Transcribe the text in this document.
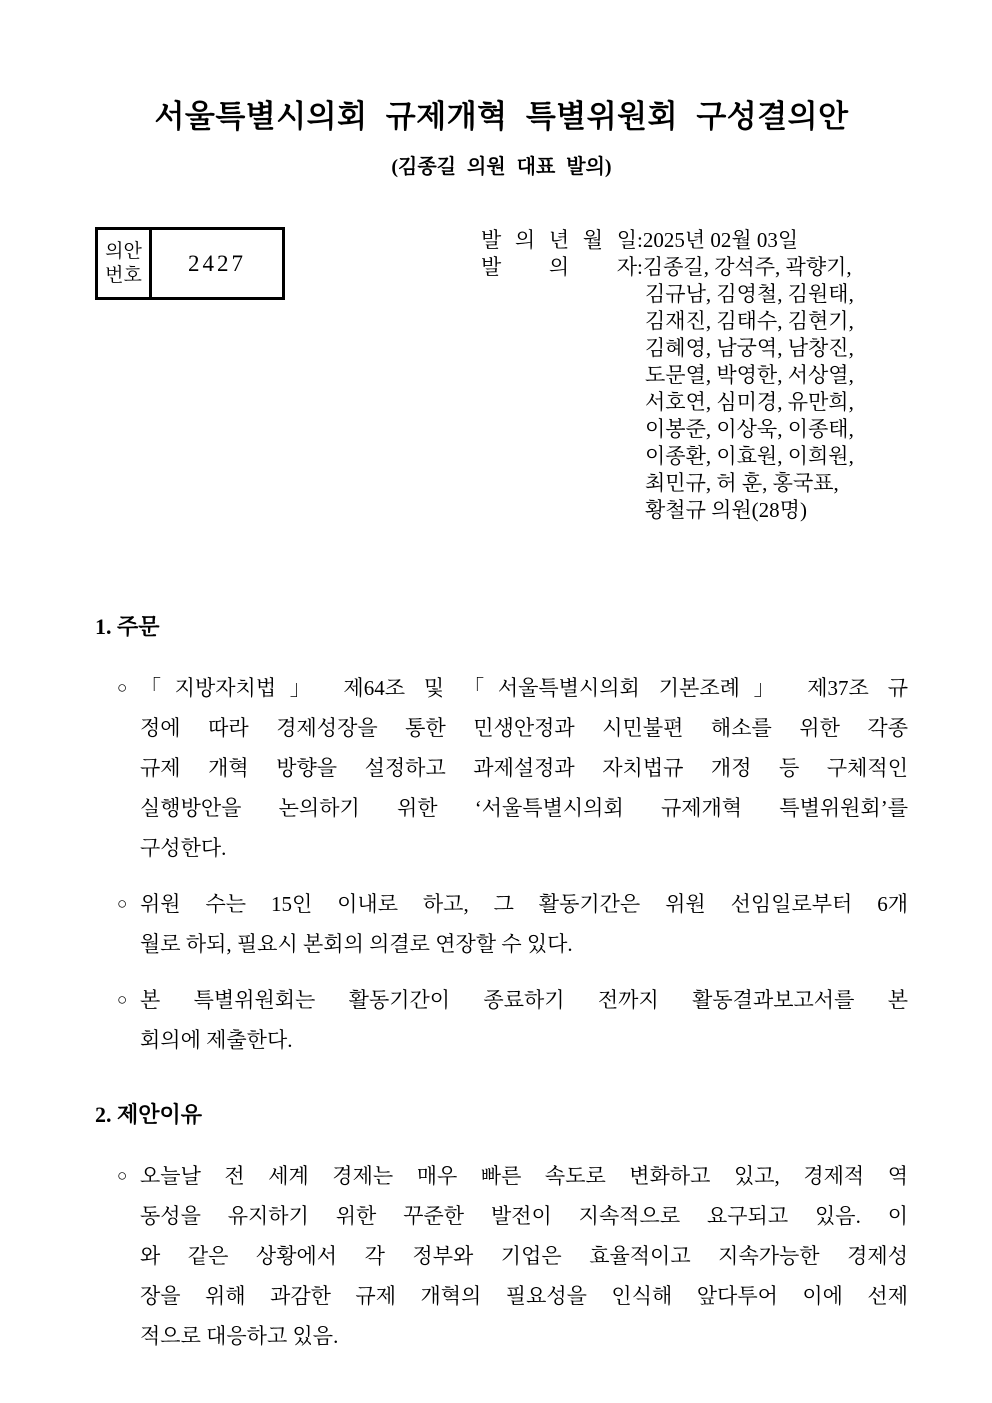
서울특별시의회 규제개혁 특별위원회 구성결의안
(김종길 의원 대표 발의)
의안
번호	2427
발 의 년 월 일 :2025년 02월 03일
발 의 자 :김종길, 강석주, 곽향기,
김규남, 김영철, 김원태,
김재진, 김태수, 김현기,
김혜영, 남궁역, 남창진,
도문열, 박영한, 서상열,
서호연, 심미경, 유만희,
이봉준, 이상욱, 이종태,
이종환, 이효원, 이희원,
최민규, 허 훈, 홍국표,
황철규 의원(28명)
1. 주문
○ 「지방자치법」 제64조 및 「서울특별시의회 기본조례」 제37조 규
정에 따라 경제성장을 통한 민생안정과 시민불편 해소를 위한 각종
규제 개혁 방향을 설정하고 과제설정과 자치법규 개정 등 구체적인
실행방안을 논의하기 위한 ‘서울특별시의회 규제개혁 특별위원회’를
구성한다.
○ 위원 수는 15인 이내로 하고, 그 활동기간은 위원 선임일로부터 6개
월로 하되, 필요시 본회의 의결로 연장할 수 있다.
○ 본 특별위원회는 활동기간이 종료하기 전까지 활동결과보고서를 본
회의에 제출한다.
2. 제안이유
○ 오늘날 전 세계 경제는 매우 빠른 속도로 변화하고 있고, 경제적 역
동성을 유지하기 위한 꾸준한 발전이 지속적으로 요구되고 있음. 이
와 같은 상황에서 각 정부와 기업은 효율적이고 지속가능한 경제성
장을 위해 과감한 규제 개혁의 필요성을 인식해 앞다투어 이에 선제
적으로 대응하고 있음.
